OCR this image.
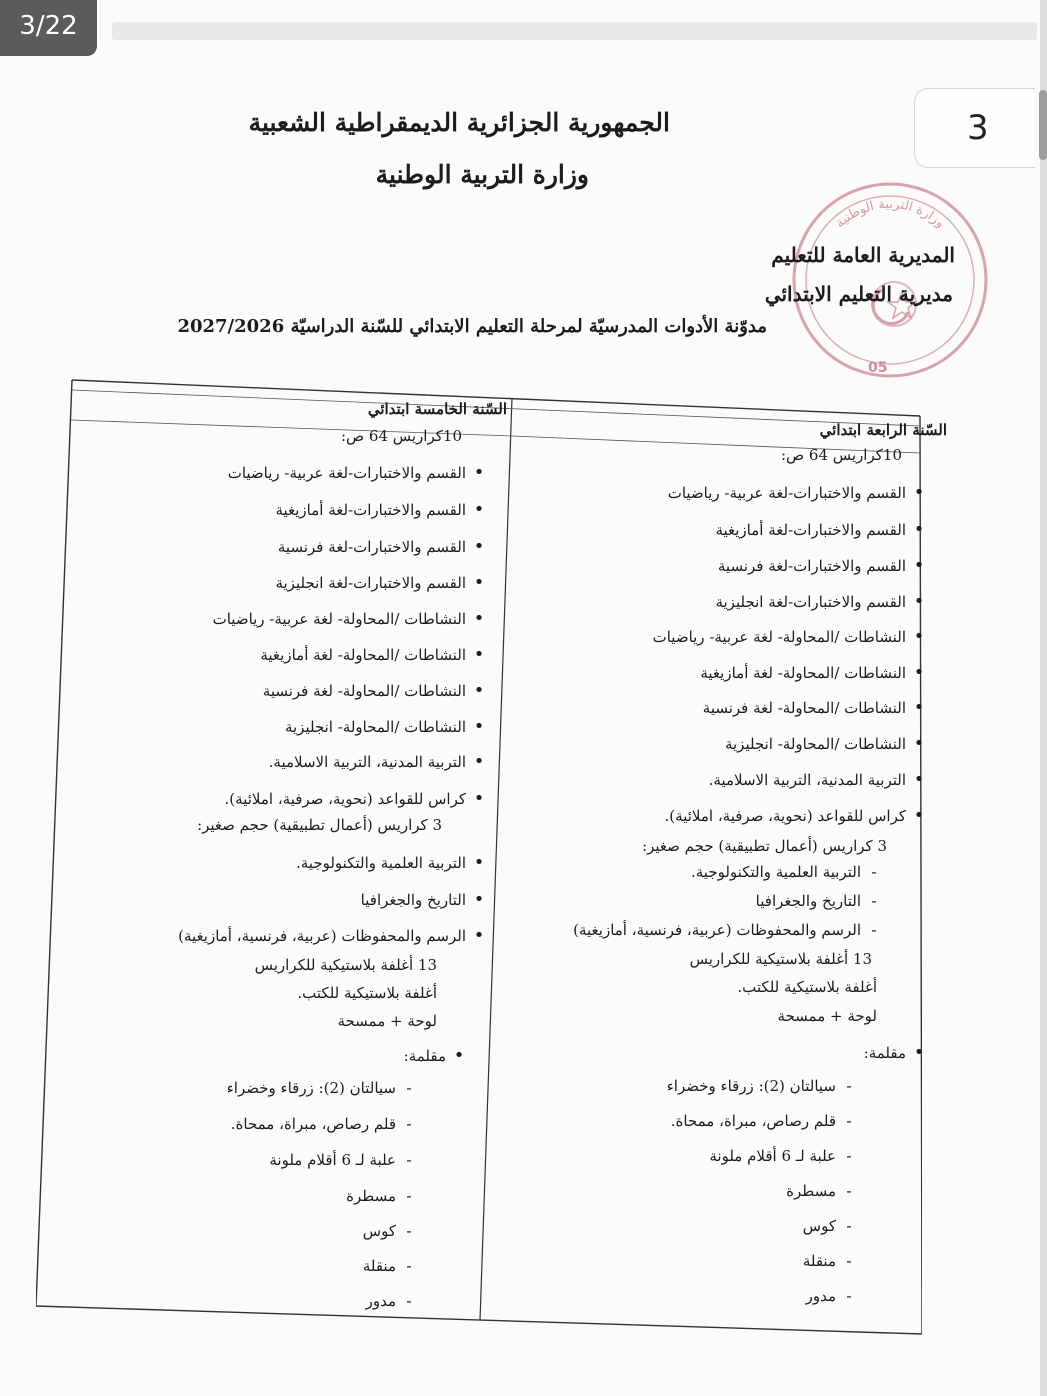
3/22
3
الجمهورية الجزائرية الديمقراطية الشعبية
وزارة التربية الوطنية
وزارة التربية الوطنية
05
المديرية العامة للتعليم
مديرية التعليم الابتدائي
مدوّنة الأدوات المدرسيّة لمرحلة التعليم الابتدائي للسّنة الدراسيّة 2027/2026
السّنة الرابعة ابتدائي
السّنة الخامسة ابتدائي
10كراريس 64 ص:
•القسم والاختبارات-لغة عربية- رياضيات
•القسم والاختبارات-لغة أمازيغية
•القسم والاختبارات-لغة فرنسية
•القسم والاختبارات-لغة انجليزية
•النشاطات /المحاولة- لغة عربية- رياضيات
•النشاطات /المحاولة- لغة أمازيغية
•النشاطات /المحاولة- لغة فرنسية
•النشاطات /المحاولة- انجليزية
•التربية المدنية، التربية الاسلامية.
•كراس للقواعد (نحوية، صرفية، املائية).
3 كراريس (أعمال تطبيقية) حجم صغير:
-التربية العلمية والتكنولوجية.
-التاريخ والجغرافيا
-الرسم والمحفوظات (عربية، فرنسية، أمازيغية)
13 أغلفة بلاستيكية للكراريس
أغلفة بلاستيكية للكتب.
لوحة + ممسحة
•مقلمة:
-سيالتان (2): زرقاء وخضراء
-قلم رصاص، مبراة، ممحاة.
-علبة لـ 6 أقلام ملونة
-مسطرة
-كوس
-منقلة
-مدور
10كراريس 64 ص:
•القسم والاختبارات-لغة عربية- رياضيات
•القسم والاختبارات-لغة أمازيغية
•القسم والاختبارات-لغة فرنسية
•القسم والاختبارات-لغة انجليزية
•النشاطات /المحاولة- لغة عربية- رياضيات
•النشاطات /المحاولة- لغة أمازيغية
•النشاطات /المحاولة- لغة فرنسية
•النشاطات /المحاولة- انجليزية
•التربية المدنية، التربية الاسلامية.
•كراس للقواعد (نحوية، صرفية، املائية).
3 كراريس (أعمال تطبيقية) حجم صغير:
•التربية العلمية والتكنولوجية.
•التاريخ والجغرافيا
•الرسم والمحفوظات (عربية، فرنسية، أمازيغية)
13 أغلفة بلاستيكية للكراريس
أغلفة بلاستيكية للكتب.
لوحة + ممسحة
•مقلمة:
-سيالتان (2): زرقاء وخضراء
-قلم رصاص، مبراة، ممحاة.
-علبة لـ 6 أقلام ملونة
-مسطرة
-كوس
-منقلة
-مدور
